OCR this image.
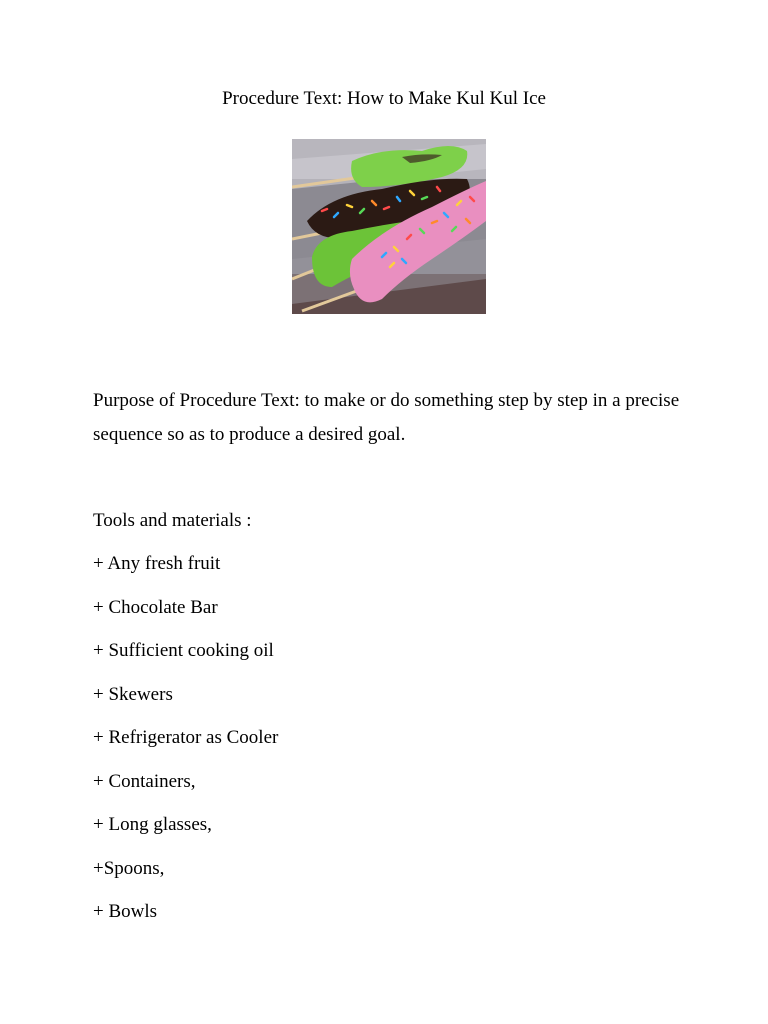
Procedure Text: How to Make Kul Kul Ice

Purpose of Procedure Text: to make or do something step by step in a precise sequence so as to produce a desired goal.

Tools and materials :

+ Any fresh fruit
+ Chocolate Bar
+ Sufficient cooking oil
+ Skewers
+ Refrigerator as Cooler
+ Containers,
+ Long glasses,
+Spoons,
+ Bowls
